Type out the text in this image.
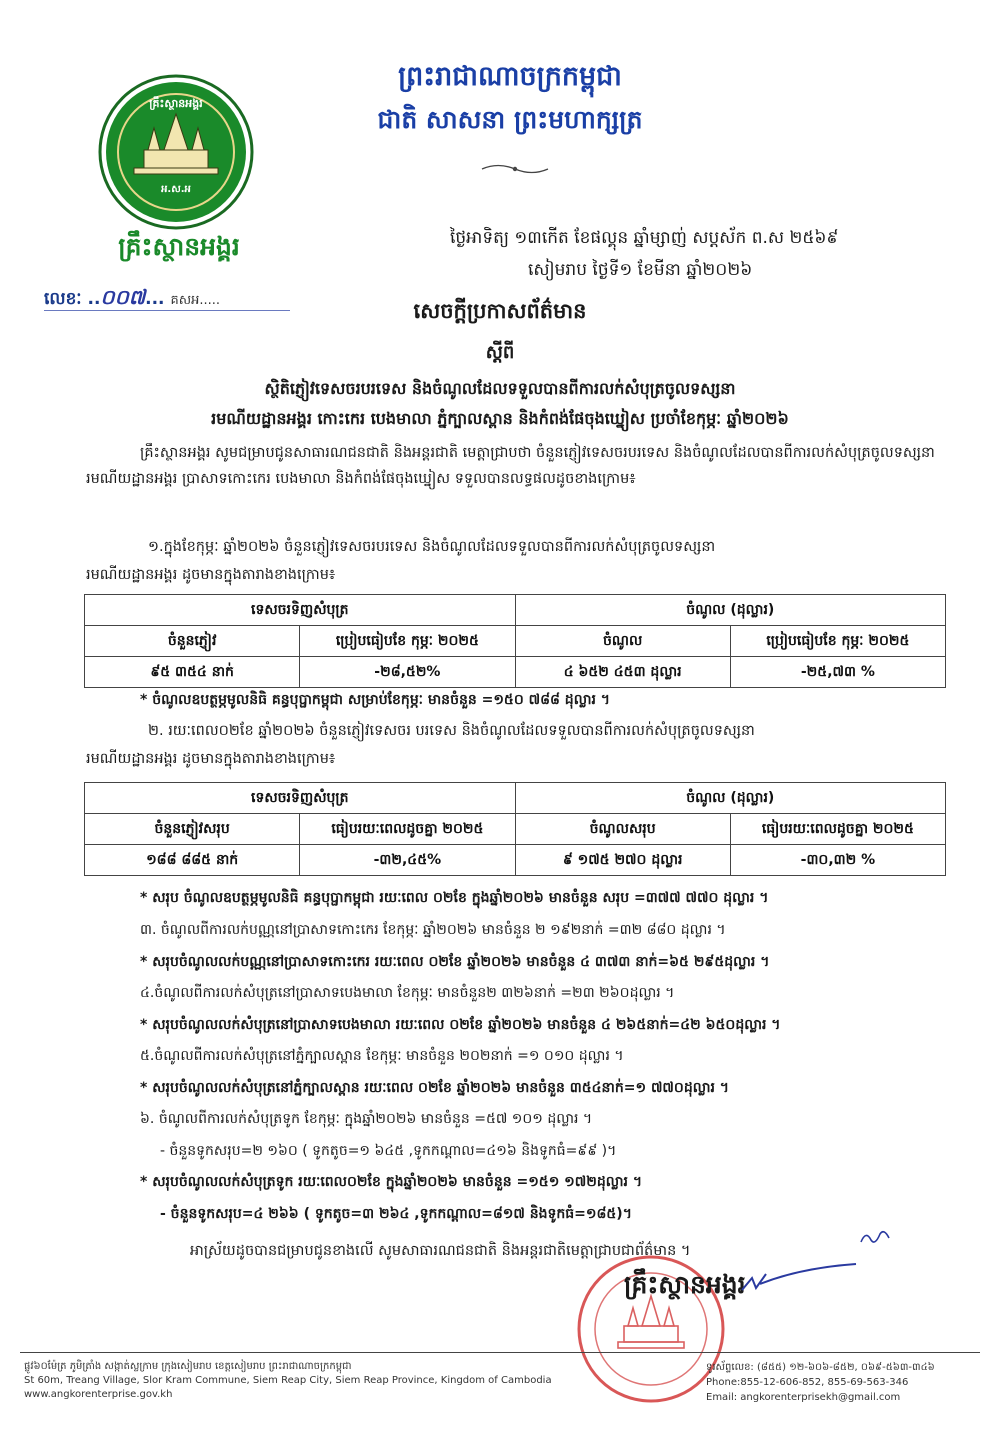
អ.ស.អ
គ្រឹះស្ថានអង្គរ
គ្រឹះស្ថានអង្គរ
លេខៈ ..០០៧... គសអ.....
ព្រះរាជាណាចក្រកម្ពុជា
ជាតិ សាសនា ព្រះមហាក្សត្រ
ថ្ងៃអាទិត្យ ១៣កើត ខែផល្គុន ឆ្នាំម្សាញ់ សប្តស័ក ព.ស ២៥៦៩
សៀមរាប ថ្ងៃទី១ ខែមីនា ឆ្នាំ២០២៦
សេចក្តីប្រកាសព័ត៌មាន
ស្តីពី
ស្ថិតិភ្ញៀវទេសចរបរទេស និងចំណូលដែលទទួលបានពីការលក់សំបុត្រចូលទស្សនា
រមណីយដ្ឋានអង្គរ កោះកេរ បេងមាលា ភ្នំក្បាលស្ពាន និងកំពង់ផែចុងឃ្នៀស ប្រចាំខែកុម្ភៈ ឆ្នាំ២០២៦
គ្រឹះស្ថានអង្គរ សូមជម្រាបជូនសាធារណជនជាតិ និងអន្តរជាតិ មេត្តាជ្រាបថា ចំនួនភ្ញៀវទេសចរបរទេស និងចំណូលដែលបានពីការលក់សំបុត្រចូលទស្សនារមណីយដ្ឋានអង្គរ ប្រាសាទកោះកេរ បេងមាលា និងកំពង់ផែចុងឃ្នៀស ទទួលបានលទ្ធផលដូចខាងក្រោម៖
១.ក្នុងខែកុម្ភៈ ឆ្នាំ២០២៦ ចំនួនភ្ញៀវទេសចរបរទេស និងចំណូលដែលទទួលបានពីការលក់សំបុត្រចូលទស្សនា
រមណីយដ្ឋានអង្គរ ដូចមានក្នុងតារាងខាងក្រោម៖
ទេសចរទិញសំបុត្រ		ចំណូល (ដុល្លារ)	
ចំនួនភ្ញៀវ	ប្រៀបធៀបខែ កុម្ភៈ ២០២៥	ចំណូល	ប្រៀបធៀបខែ កុម្ភៈ ២០២៥
៩៥ ៣៥៤ នាក់	-២៨,៥២%	៤ ៦៥២ ៤៥៣ ដុល្លារ	-២៥,៧៣ %
* ចំណូលឧបត្ថម្ភមូលនិធិ គន្ធបុប្ផាកម្ពុជា សម្រាប់ខែកុម្ភៈ មានចំនួន =១៥០ ៧៨៨ ដុល្លារ ។
២. រយៈពេល០២ខែ ឆ្នាំ២០២៦ ចំនួនភ្ញៀវទេសចរ បរទេស និងចំណូលដែលទទួលបានពីការលក់សំបុត្រចូលទស្សនា
រមណីយដ្ឋានអង្គរ ដូចមានក្នុងតារាងខាងក្រោម៖
ទេសចរទិញសំបុត្រ		ចំណូល (ដុល្លារ)	
ចំនួនភ្ញៀវសរុប	ធៀបរយៈពេលដូចគ្នា ២០២៥	ចំណូលសរុប	ធៀបរយៈពេលដូចគ្នា ២០២៥
១៨៨ ៨៨៥ នាក់	-៣២,៤៥%	៩ ១៧៥ ២៧០ ដុល្លារ	-៣០,៣២ %
* សរុប ចំណូលឧបត្ថម្ភមូលនិធិ គន្ធបុប្ផាកម្ពុជា រយៈពេល ០២ខែ ក្នុងឆ្នាំ២០២៦ មានចំនួន សរុប =៣៧៧ ៧៧០ ដុល្លារ ។
៣. ចំណូលពីការលក់បណ្ណនៅប្រាសាទកោះកេរ ខែកុម្ភៈ ឆ្នាំ២០២៦ មានចំនួន ២ ១៩២នាក់ =៣២ ៨៨០ ដុល្លារ ។
* សរុបចំណូលលក់បណ្ណនៅប្រាសាទកោះកេរ រយៈពេល ០២ខែ ឆ្នាំ២០២៦ មានចំនួន ៤ ៣៧៣ នាក់=៦៥ ២៩៥ដុល្លារ ។
៤.ចំណូលពីការលក់សំបុត្រនៅប្រាសាទបេងមាលា ខែកុម្ភៈ មានចំនួន២ ៣២៦នាក់ =២៣ ២៦០ដុល្លារ ។
* សរុបចំណូលលក់សំបុត្រនៅប្រាសាទបេងមាលា រយៈពេល ០២ខែ ឆ្នាំ២០២៦ មានចំនួន ៤ ២៦៥នាក់=៤២ ៦៥០ដុល្លារ ។
៥.ចំណូលពីការលក់សំបុត្រនៅភ្នំក្បាលស្ពាន ខែកុម្ភៈ មានចំនួន ២០២នាក់ =១ ០១០ ដុល្លារ ។
* សរុបចំណូលលក់សំបុត្រនៅភ្នំក្បាលស្ពាន រយៈពេល ០២ខែ ឆ្នាំ២០២៦ មានចំនួន ៣៥៤នាក់=១ ៧៧០ដុល្លារ ។
៦. ចំណូលពីការលក់សំបុត្រទូក ខែកុម្ភៈ ក្នុងឆ្នាំ២០២៦ មានចំនួន =៥៧ ១០១ ដុល្លារ ។
- ចំនួនទូកសរុប=២ ១៦០ ( ទូកតូច=១ ៦៤៥ ,ទូកកណ្តាល=៤១៦ និងទូកធំ=៩៩ )។
* សរុបចំណូលលក់សំបុត្រទូក រយៈពេល០២ខែ ក្នុងឆ្នាំ២០២៦ មានចំនួន =១៥១ ១៧២ដុល្លារ ។
- ចំនួនទូកសរុប=៤ ២៦៦ ( ទូកតូច=៣ ២៦៤ ,ទូកកណ្តាល=៨១៧ និងទូកធំ=១៨៥)។
អាស្រ័យដូចបានជម្រាបជូនខាងលើ សូមសាធារណជនជាតិ និងអន្តរជាតិមេត្តាជ្រាបជាព័ត៌មាន ។
គ្រឹះស្ថានអង្គរ
ផ្លូវ៦០ម៉ែត្រ ភូមិត្រាំង សង្កាត់ស្លក្រាម ក្រុងសៀមរាប ខេត្តសៀមរាប ព្រះរាជាណាចក្រកម្ពុជា
St 60m, Treang Village, Slor Kram Commune, Siem Reap City, Siem Reap Province, Kingdom of Cambodia
www.angkorenterprise.gov.kh
ទូរស័ព្ទលេខ: (៨៥៥) ១២-៦០៦-៨៥២, ០៦៩-៥៦៣-៣៤៦
Phone:855-12-606-852, 855-69-563-346
Email: angkorenterprisekh@gmail.com
